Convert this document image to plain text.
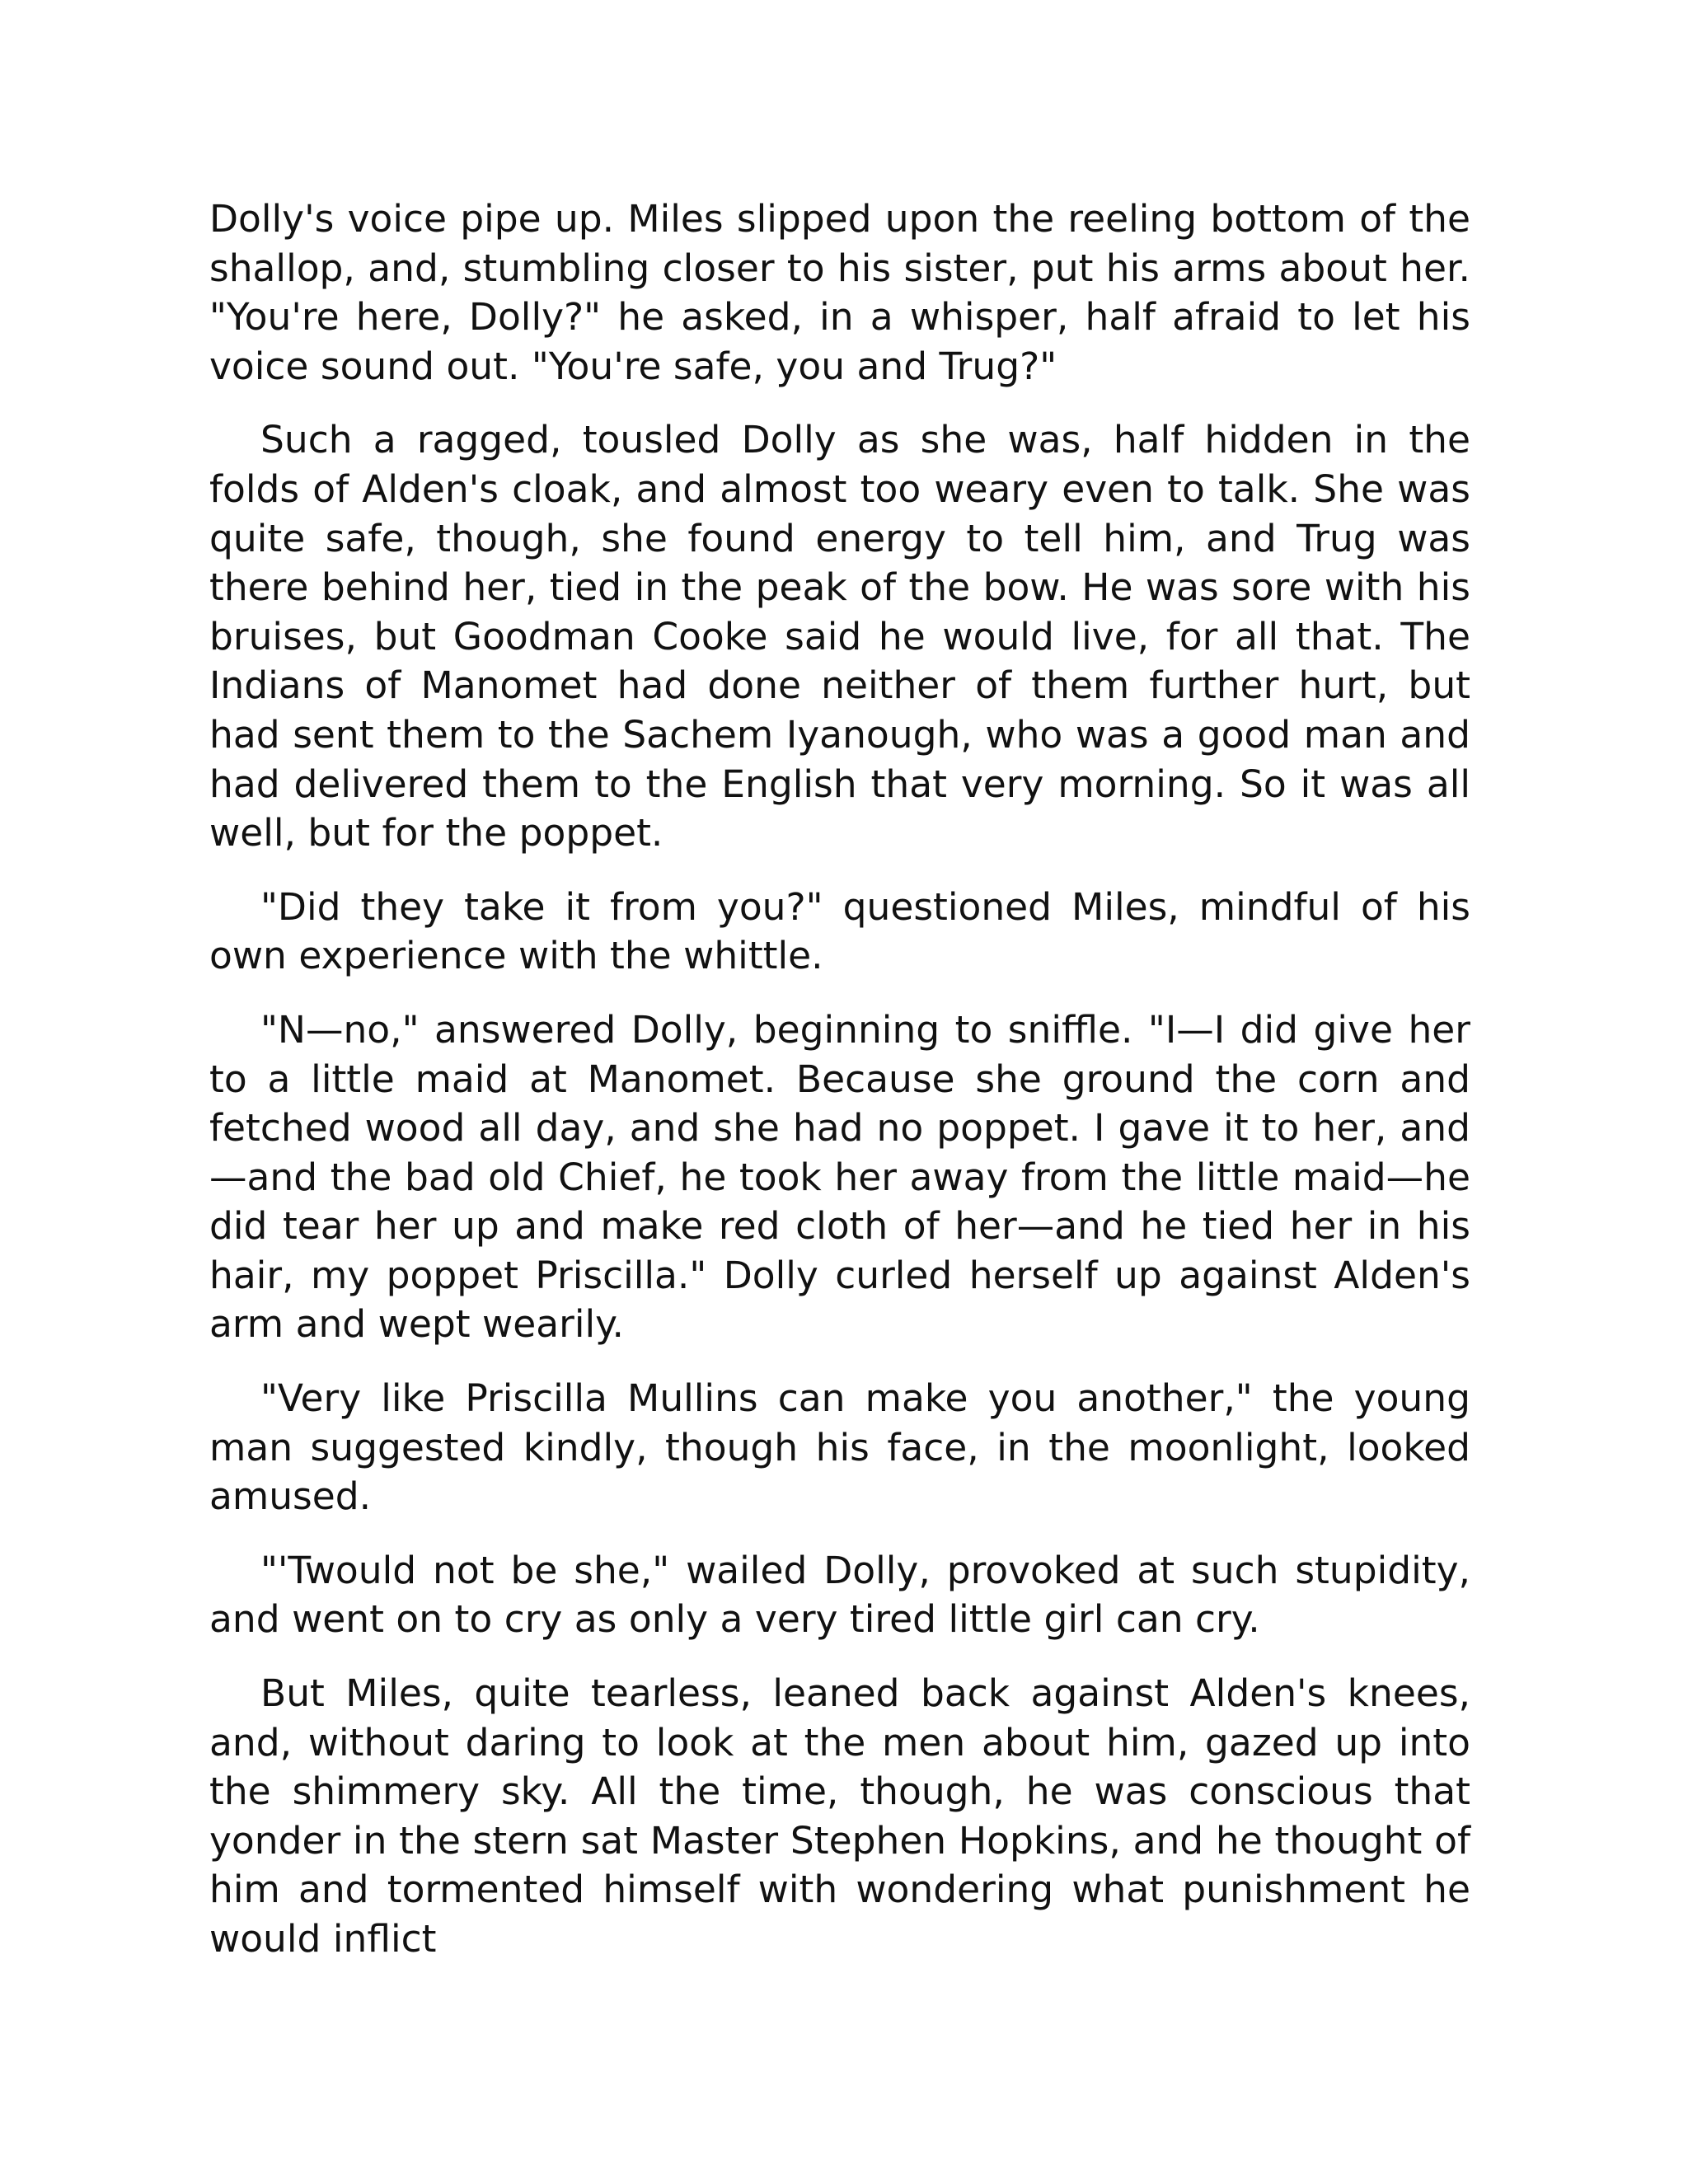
Dolly's voice pipe up. Miles slipped upon the reeling bottom of the shallop, and, stumbling closer to his sister, put his arms about her. "You're here, Dolly?" he asked, in a whisper, half afraid to let his voice sound out. "You're safe, you and Trug?"

Such a ragged, tousled Dolly as she was, half hidden in the folds of Alden's cloak, and almost too weary even to talk. She was quite safe, though, she found energy to tell him, and Trug was there behind her, tied in the peak of the bow. He was sore with his bruises, but Goodman Cooke said he would live, for all that. The Indians of Manomet had done neither of them further hurt, but had sent them to the Sachem Iyanough, who was a good man and had delivered them to the English that very morning. So it was all well, but for the poppet.

"Did they take it from you?" questioned Miles, mindful of his own experience with the whittle.

"N—no," answered Dolly, beginning to sniffle. "I—I did give her to a little maid at Manomet. Because she ground the corn and fetched wood all day, and she had no poppet. I gave it to her, and—and the bad old Chief, he took her away from the little maid—he did tear her up and make red cloth of her—and he tied her in his hair, my poppet Priscilla." Dolly curled herself up against Alden's arm and wept wearily.

"Very like Priscilla Mullins can make you another," the young man suggested kindly, though his face, in the moonlight, looked amused.

"'Twould not be she," wailed Dolly, provoked at such stupidity, and went on to cry as only a very tired little girl can cry.

But Miles, quite tearless, leaned back against Alden's knees, and, without daring to look at the men about him, gazed up into the shimmery sky. All the time, though, he was conscious that yonder in the stern sat Master Stephen Hopkins, and he thought of him and tormented himself with wondering what punishment he would inflict
